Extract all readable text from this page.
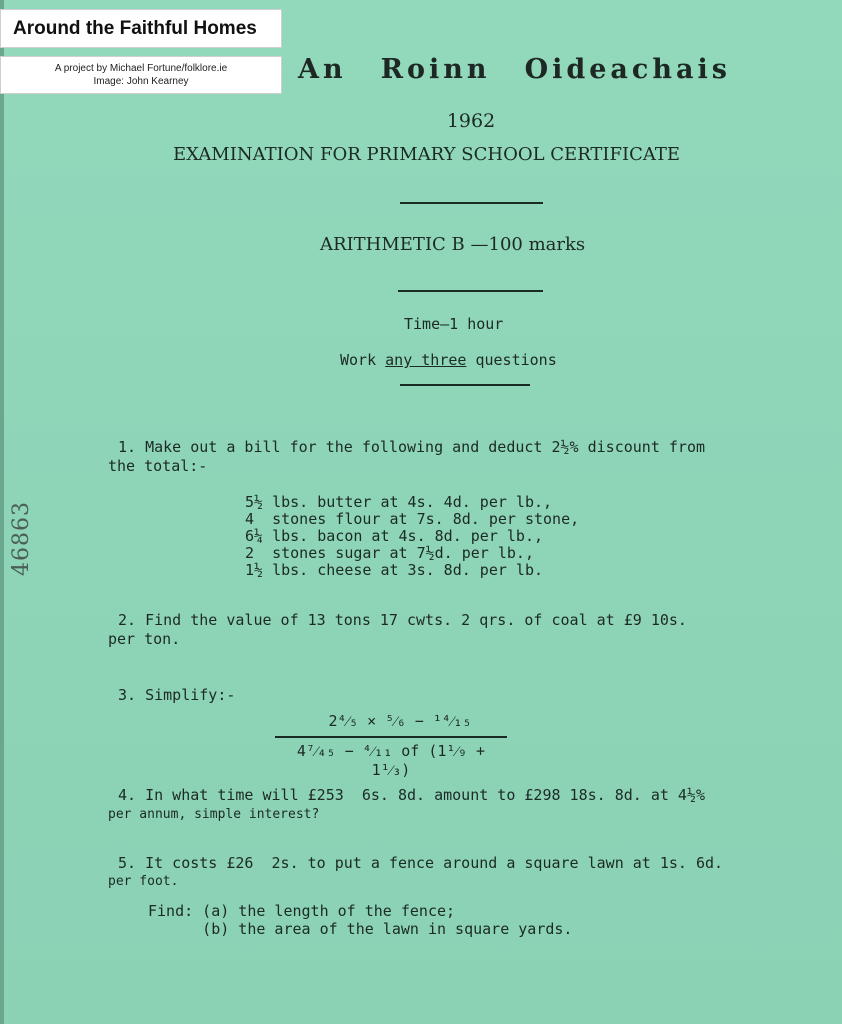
Around the Faithful Homes
A project by Michael Fortune/folklore.ie
Image: John Kearney	An Roinn Oideachais
1962
EXAMINATION FOR PRIMARY SCHOOL CERTIFICATE
ARITHMETIC B —100 marks
Time—1 hour
Work any three questions
46863
1. Make out a bill for the following and deduct 2½% discount from
the total:-
5½ lbs. butter at 4s. 4d. per lb.,
4  stones flour at 7s. 8d. per stone,
6¼ lbs. bacon at 4s. 8d. per lb.,
2  stones sugar at 7½d. per lb.,
1½ lbs. cheese at 3s. 8d. per lb.
2. Find the value of 13 tons 17 cwts. 2 qrs. of coal at £9 10s.
per ton.
3. Simplify:-
2⁴⁄₅ × ⁵⁄₆ − ¹⁴⁄₁₅
4⁷⁄₄₅ − ⁴⁄₁₁ of (1¹⁄₉ + 1¹⁄₃)
4. In what time will £253  6s. 8d. amount to £298 18s. 8d. at 4½%
per annum, simple interest?
5. It costs £26  2s. to put a fence around a square lawn at 1s. 6d.
per foot.
Find: (a) the length of the fence;
(b) the area of the lawn in square yards.
